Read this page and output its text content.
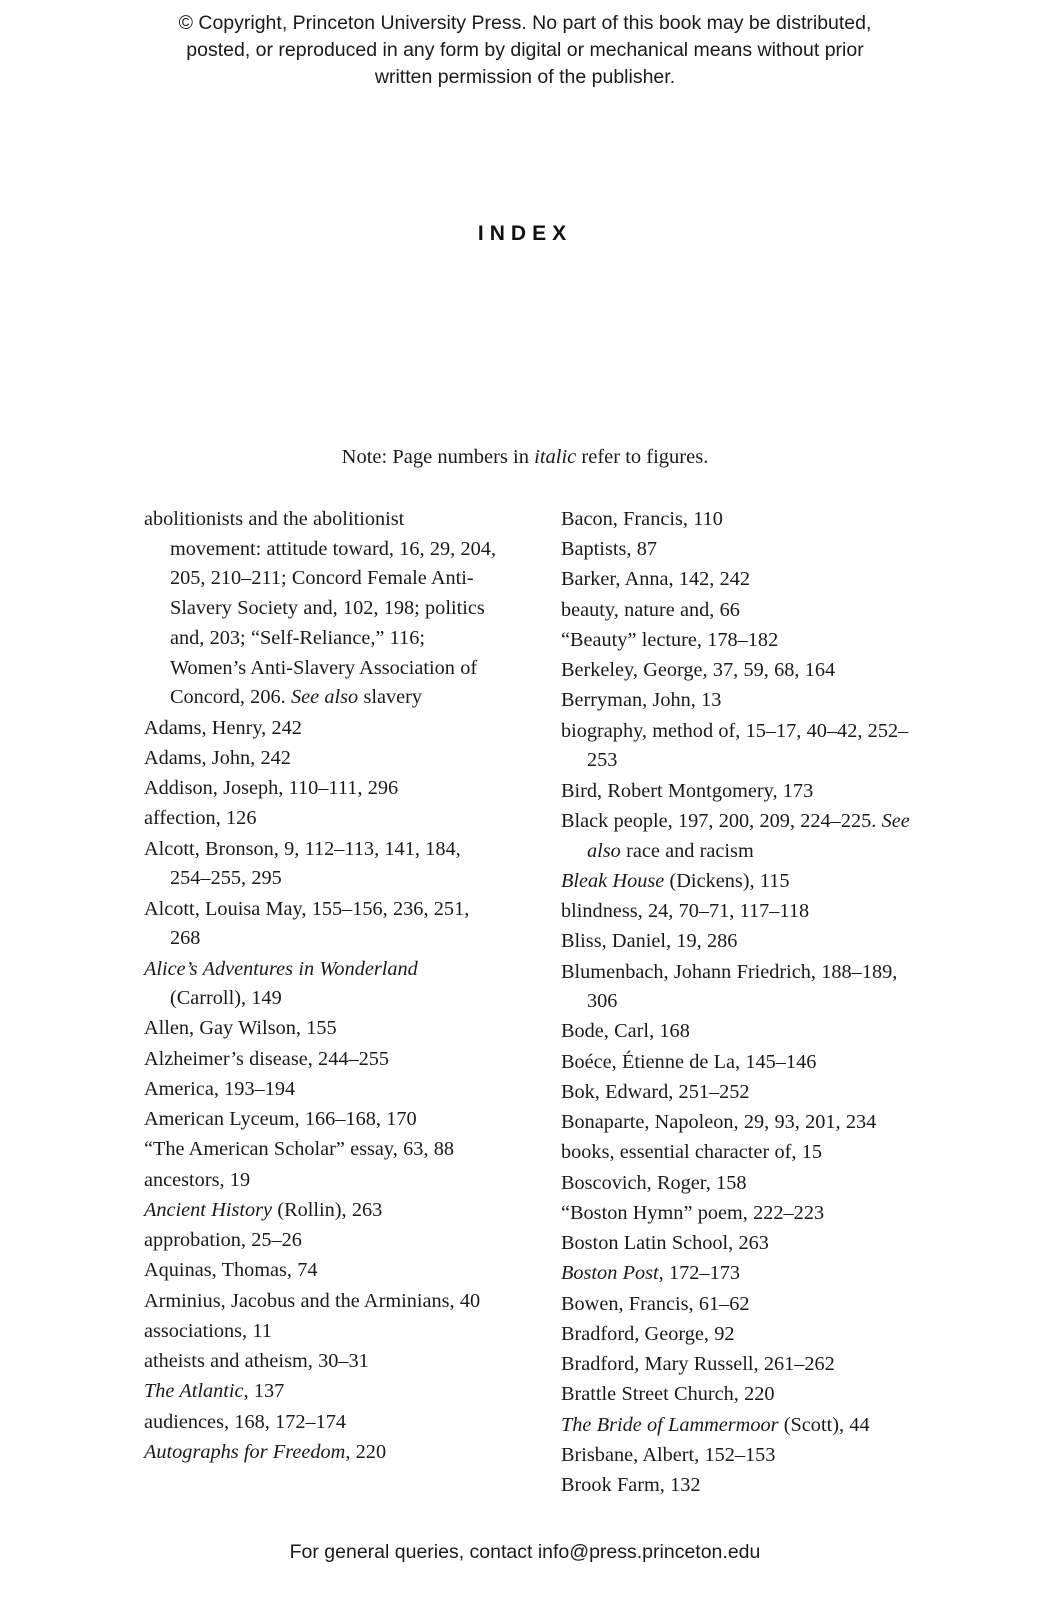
© Copyright, Princeton University Press. No part of this book may be distributed, posted, or reproduced in any form by digital or mechanical means without prior written permission of the publisher.
INDEX
Note: Page numbers in italic refer to figures.

abolitionists and the abolitionist movement: attitude toward, 16, 29, 204, 205, 210–211; Concord Female Anti-Slavery Society and, 102, 198; politics and, 203; “Self-Reliance,” 116; Women’s Anti-Slavery Association of Concord, 206. See also slavery

Adams, Henry, 242

Adams, John, 242

Addison, Joseph, 110–111, 296

affection, 126

Alcott, Bronson, 9, 112–113, 141, 184, 254–255, 295

Alcott, Louisa May, 155–156, 236, 251, 268

Alice’s Adventures in Wonderland (Carroll), 149

Allen, Gay Wilson, 155

Alzheimer’s disease, 244–255

America, 193–194

American Lyceum, 166–168, 170

“The American Scholar” essay, 63, 88

ancestors, 19

Ancient History (Rollin), 263

approbation, 25–26

Aquinas, Thomas, 74

Arminius, Jacobus and the Arminians, 40

associations, 11

atheists and atheism, 30–31

The Atlantic, 137

audiences, 168, 172–174

Autographs for Freedom, 220

Bacon, Francis, 110

Baptists, 87

Barker, Anna, 142, 242

beauty, nature and, 66

“Beauty” lecture, 178–182

Berkeley, George, 37, 59, 68, 164

Berryman, John, 13

biography, method of, 15–17, 40–42, 252–253

Bird, Robert Montgomery, 173

Black people, 197, 200, 209, 224–225. See also race and racism

Bleak House (Dickens), 115

blindness, 24, 70–71, 117–118

Bliss, Daniel, 19, 286

Blumenbach, Johann Friedrich, 188–189, 306

Bode, Carl, 168

Boéce, Étienne de La, 145–146

Bok, Edward, 251–252

Bonaparte, Napoleon, 29, 93, 201, 234

books, essential character of, 15

Boscovich, Roger, 158

“Boston Hymn” poem, 222–223

Boston Latin School, 263

Boston Post, 172–173

Bowen, Francis, 61–62

Bradford, George, 92

Bradford, Mary Russell, 261–262

Brattle Street Church, 220

The Bride of Lammermoor (Scott), 44

Brisbane, Albert, 152–153

Brook Farm, 132

For general queries, contact info@press.princeton.edu
